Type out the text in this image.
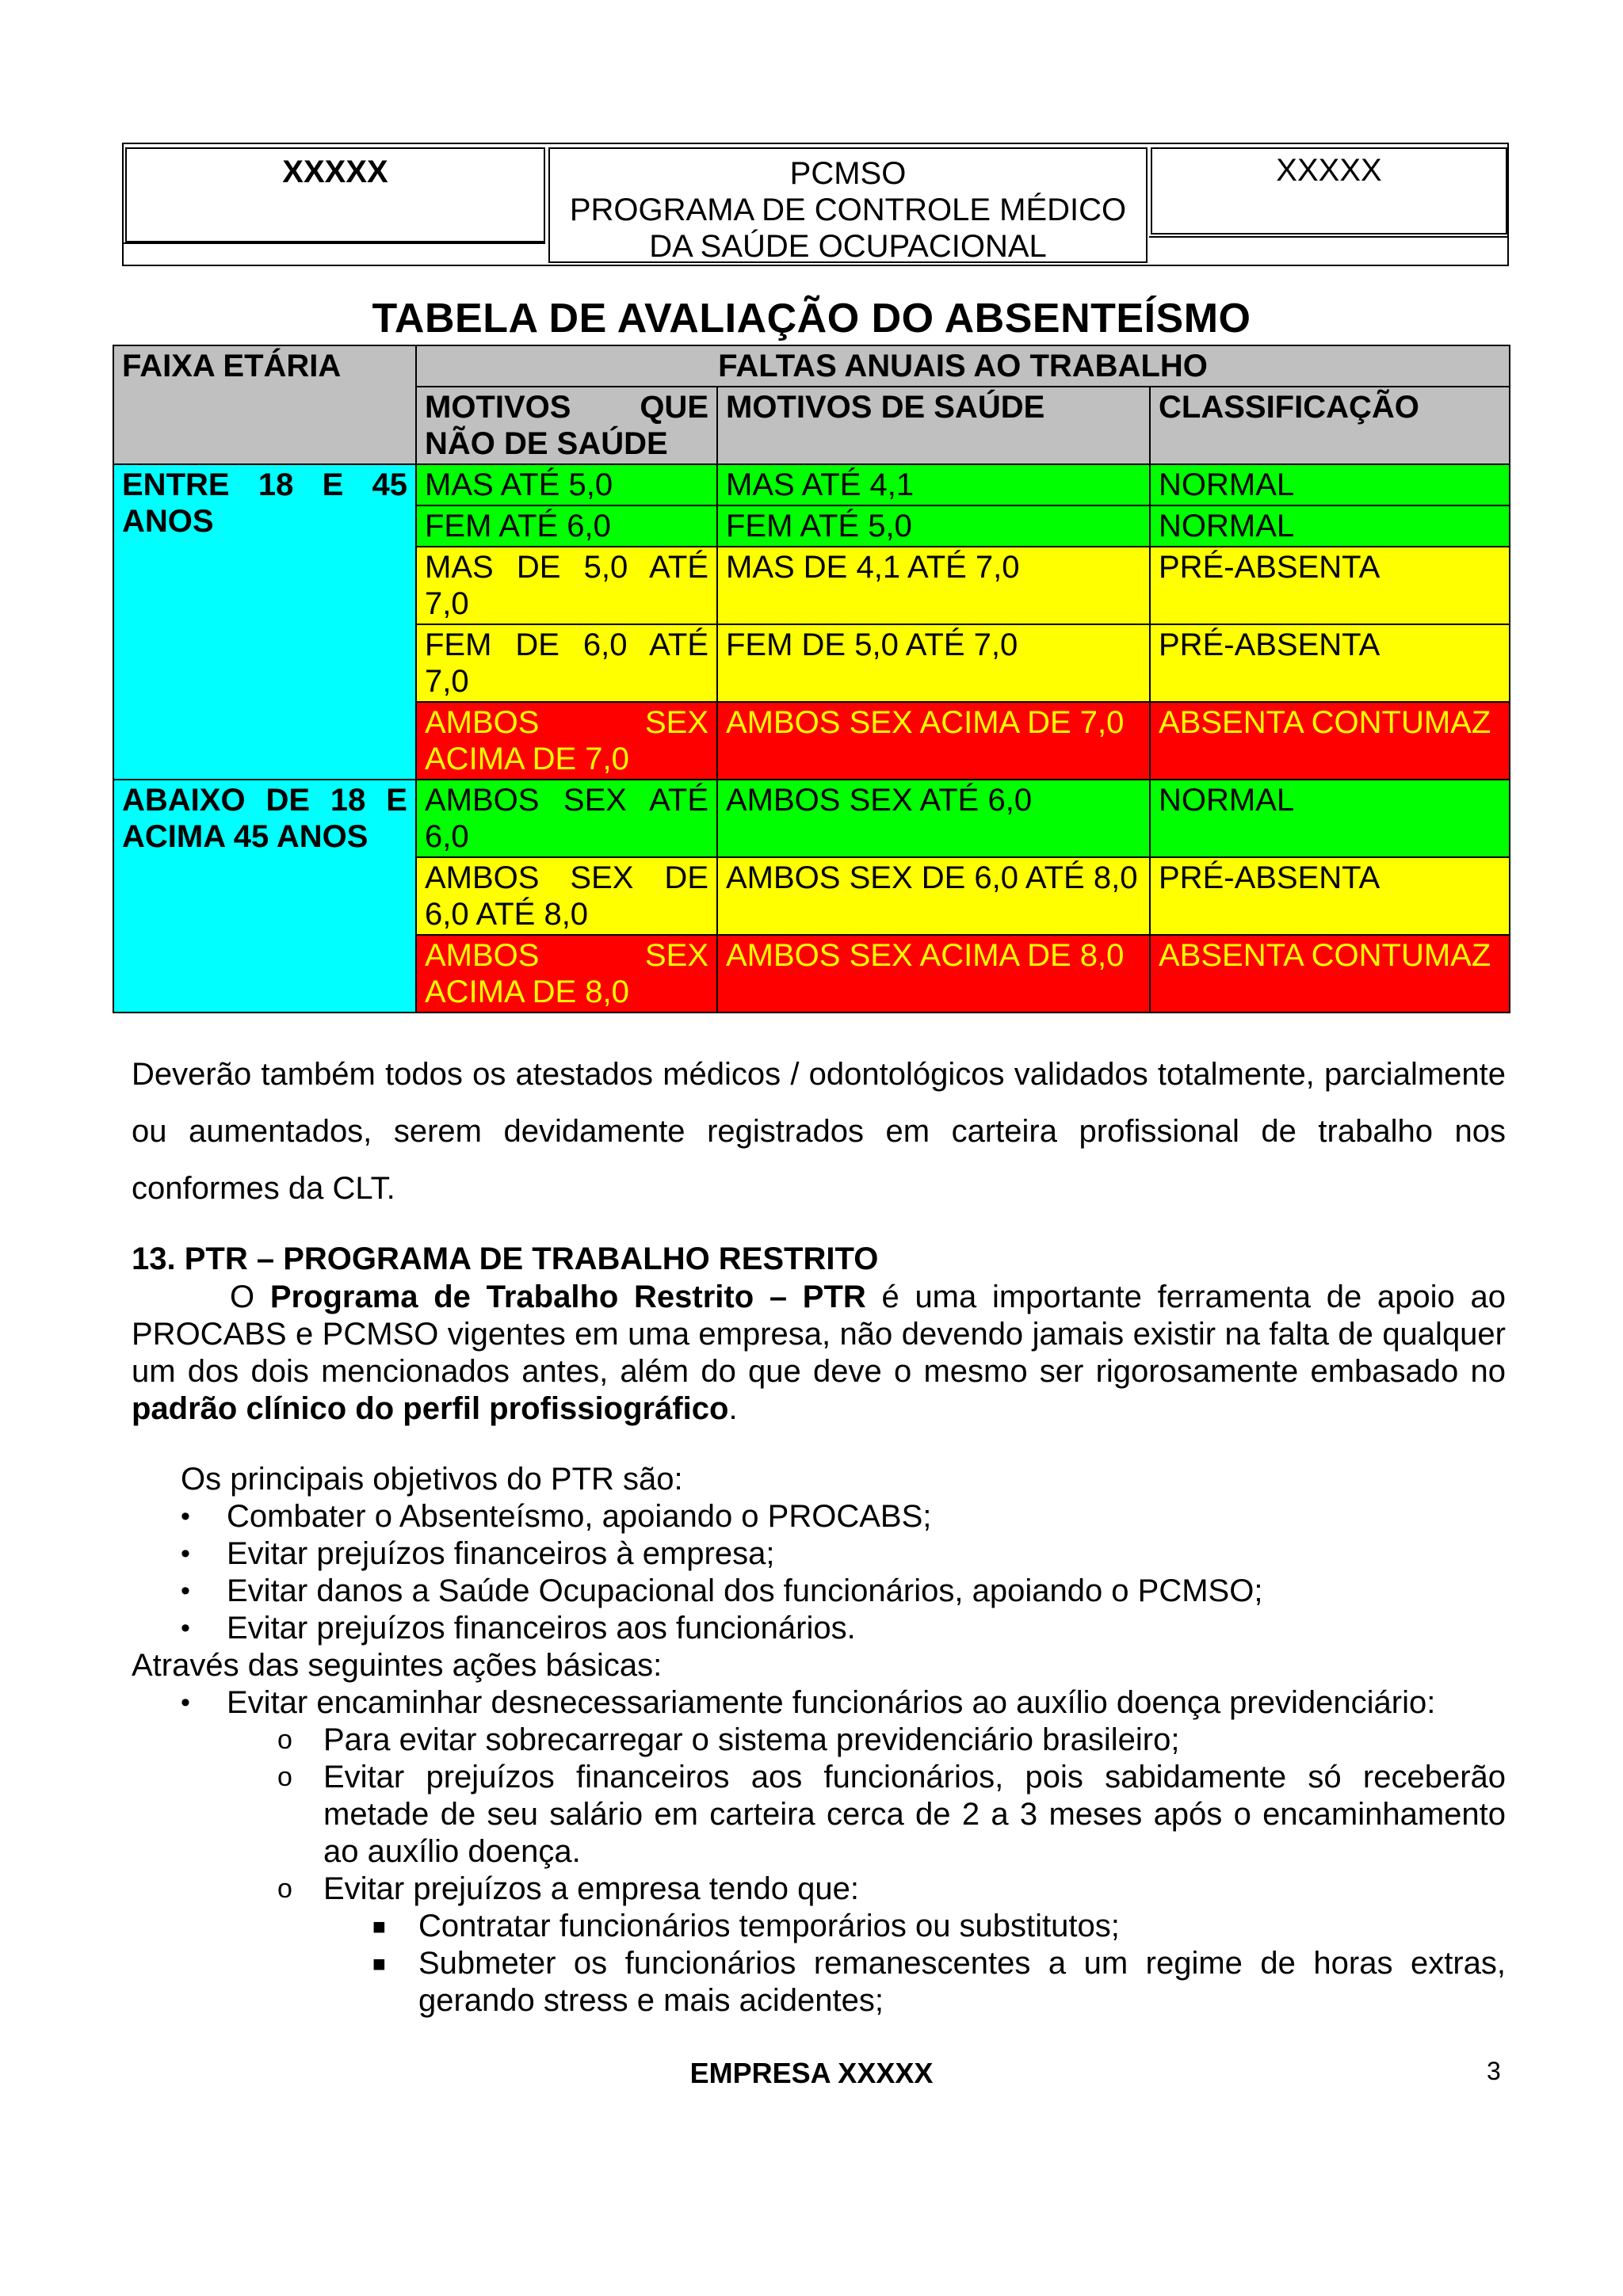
XXXXX	PCMSO
PROGRAMA DE CONTROLE MÉDICO
DA SAÚDE OCUPACIONAL
XXXXX
TABELA DE AVALIAÇÃO DO ABSENTEÍSMO
FAIXA ETÁRIA	FALTAS ANUAIS AO TRABALHO		
	MOTIVOS QUE NÃO DE SAÚDE	MOTIVOS DE SAÚDE	CLASSIFICAÇÃO
ENTRE 18 E 45 ANOS	MAS ATÉ 5,0	MAS ATÉ 4,1	NORMAL
	FEM ATÉ 6,0	FEM ATÉ 5,0	NORMAL
	MAS DE 5,0 ATÉ 7,0	MAS DE 4,1 ATÉ 7,0	PRÉ-ABSENTA
	FEM DE 6,0 ATÉ 7,0	FEM DE 5,0 ATÉ 7,0	PRÉ-ABSENTA
	AMBOS SEX ACIMA DE 7,0	AMBOS SEX ACIMA DE 7,0	ABSENTA CONTUMAZ
ABAIXO DE 18 E ACIMA 45 ANOS	AMBOS SEX ATÉ 6,0	AMBOS SEX ATÉ 6,0	NORMAL
	AMBOS SEX DE 6,0 ATÉ 8,0	AMBOS SEX DE 6,0 ATÉ 8,0	PRÉ-ABSENTA
	AMBOS SEX ACIMA DE 8,0	AMBOS SEX ACIMA DE 8,0	ABSENTA CONTUMAZ
Deverão também todos os atestados médicos / odontológicos validados totalmente, parcialmente ou aumentados, serem devidamente registrados em carteira profissional de trabalho nos conformes da CLT.
13. PTR – PROGRAMA DE TRABALHO RESTRITO
O Programa de Trabalho Restrito – PTR é uma importante ferramenta de apoio ao PROCABS e PCMSO vigentes em uma empresa, não devendo jamais existir na falta de qualquer um dos dois mencionados antes, além do que deve o mesmo ser rigorosamente embasado no padrão clínico do perfil profissiográfico.
Os principais objetivos do PTR são:
• Combater o Absenteísmo, apoiando o PROCABS;
• Evitar prejuízos financeiros à empresa;
• Evitar danos a Saúde Ocupacional dos funcionários, apoiando o PCMSO;
• Evitar prejuízos financeiros aos funcionários.
Através das seguintes ações básicas:
• Evitar encaminhar desnecessariamente funcionários ao auxílio doença previdenciário:
o Para evitar sobrecarregar o sistema previdenciário brasileiro;
o Evitar prejuízos financeiros aos funcionários, pois sabidamente só receberão metade de seu salário em carteira cerca de 2 a 3 meses após o encaminhamento ao auxílio doença.
o Evitar prejuízos a empresa tendo que:
■ Contratar funcionários temporários ou substitutos;
■ Submeter os funcionários remanescentes a um regime de horas extras, gerando stress e mais acidentes;
EMPRESA XXXXX	3
